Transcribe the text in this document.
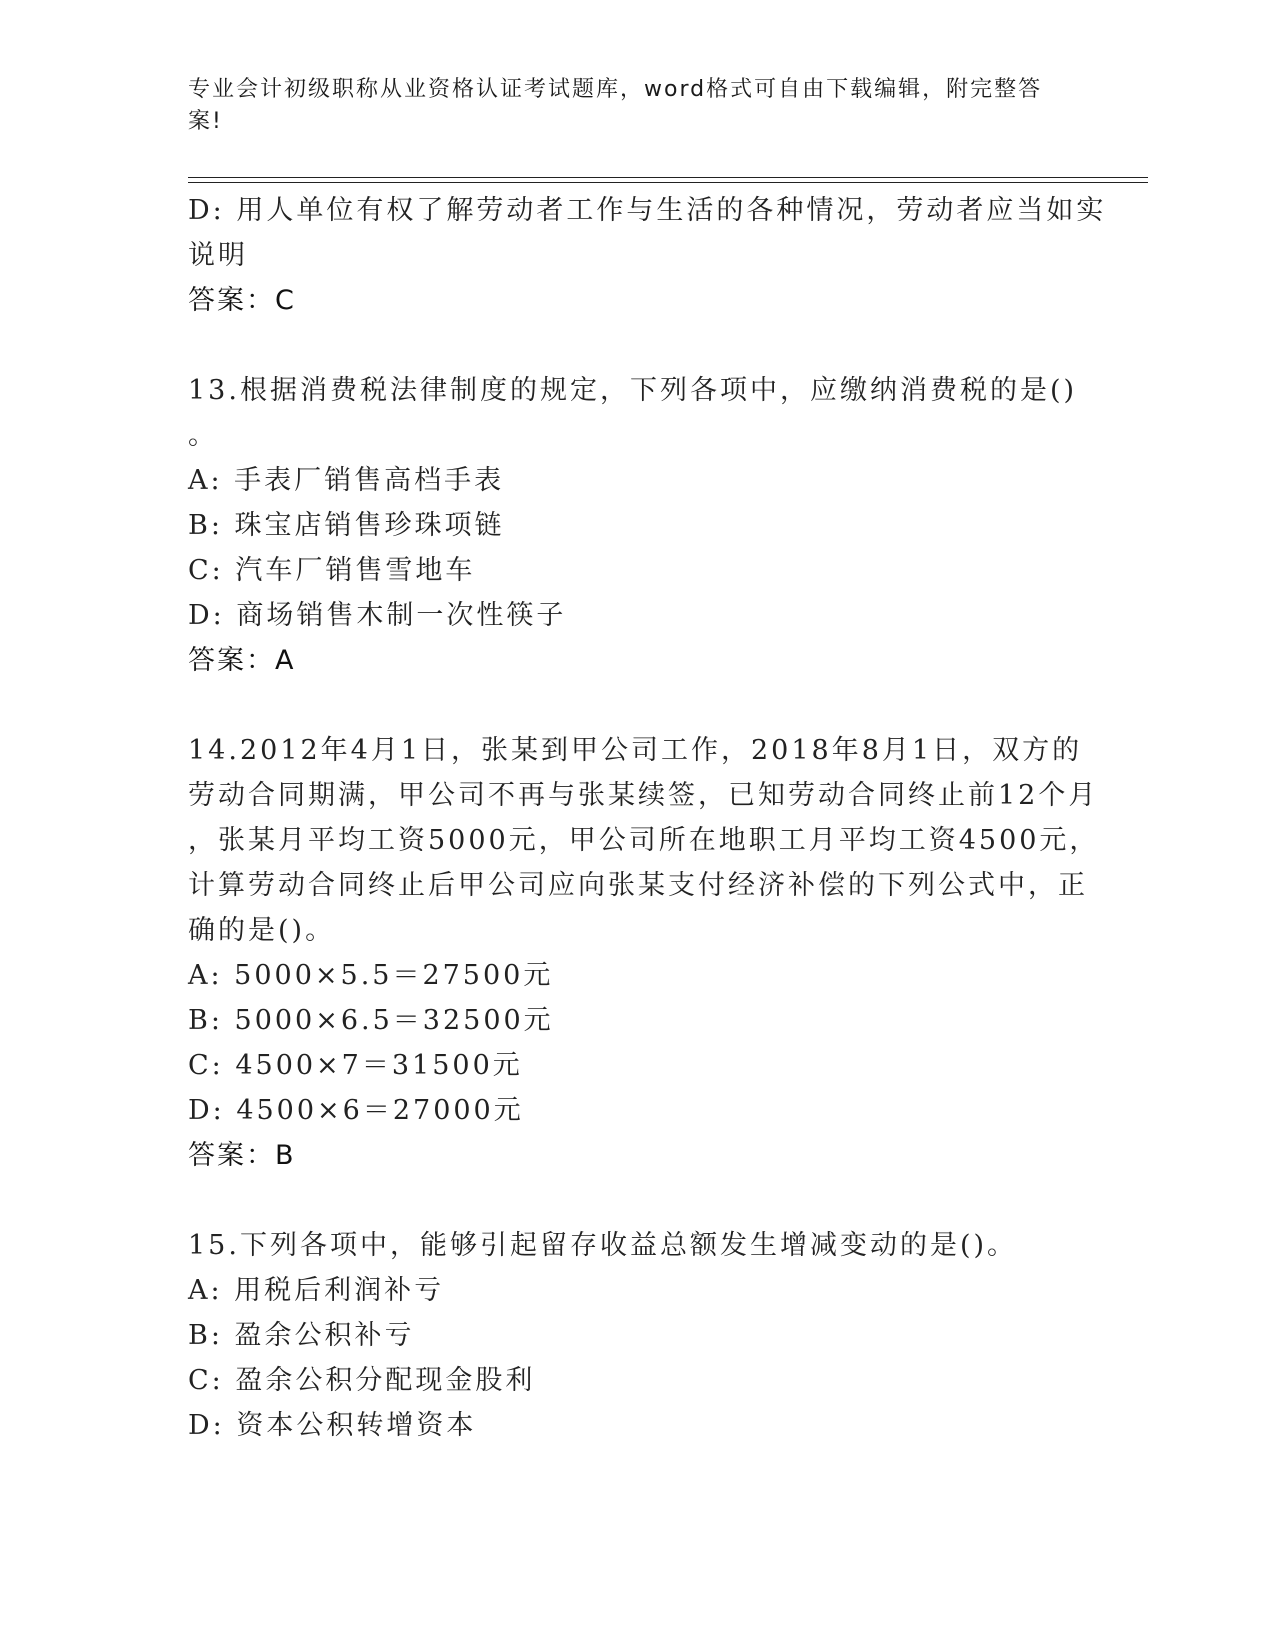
专业会计初级职称从业资格认证考试题库，word格式可自由下载编辑，附完整答
案!
D: 用人单位有权了解劳动者工作与生活的各种情况，劳动者应当如实
说明
答案：C
13.根据消费税法律制度的规定，下列各项中，应缴纳消费税的是()
。
A: 手表厂销售高档手表
B: 珠宝店销售珍珠项链
C: 汽车厂销售雪地车
D: 商场销售木制一次性筷子
答案：A
14.2012年4月1日，张某到甲公司工作，2018年8月1日，双方的
劳动合同期满，甲公司不再与张某续签，已知劳动合同终止前12个月
，张某月平均工资5000元，甲公司所在地职工月平均工资4500元，
计算劳动合同终止后甲公司应向张某支付经济补偿的下列公式中，正
确的是()。
A: 5000×5.5＝27500元
B: 5000×6.5＝32500元
C: 4500×7＝31500元
D: 4500×6＝27000元
答案：B
15.下列各项中，能够引起留存收益总额发生增减变动的是()。
A: 用税后利润补亏
B: 盈余公积补亏
C: 盈余公积分配现金股利
D: 资本公积转增资本
